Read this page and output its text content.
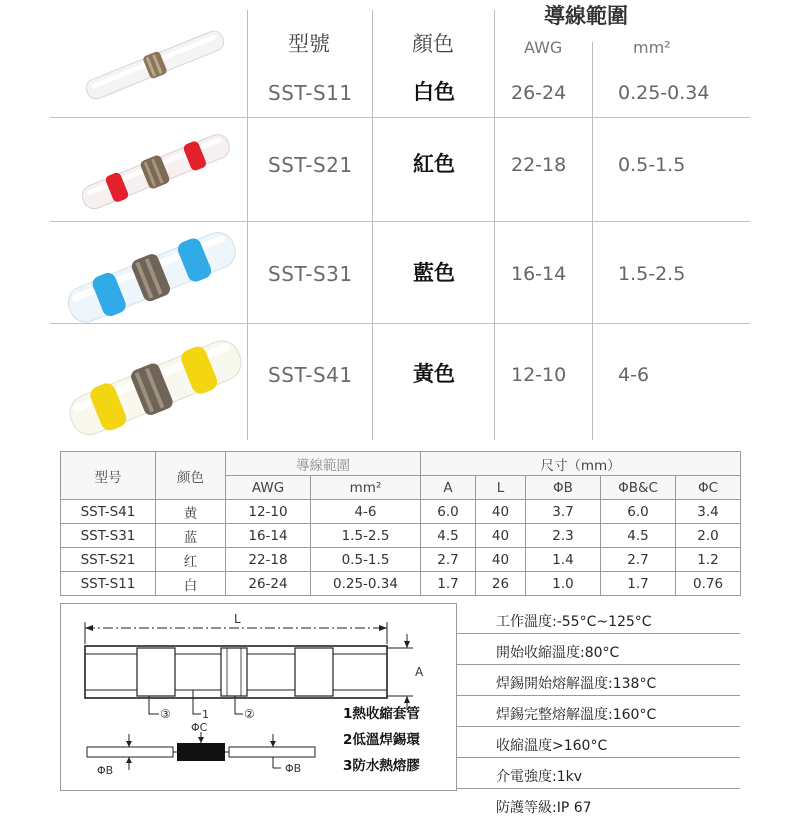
型號	顏色
導線範圍
AWG	mm²
SST-S11	白色	26-24	0.25-0.34
SST-S21	紅色	22-18	0.5-1.5
SST-S31	藍色	16-14	1.5-2.5
SST-S41	黃色	12-10	4-6
型号	颜色	導線範圍		尺寸（mm）				
		AWG	mm²	A	L	ΦB	ΦB&C	ΦC
SST-S41	黄	12-10	4-6	6.0	40	3.7	6.0	3.4
SST-S31	蓝	16-14	1.5-2.5	4.5	40	2.3	4.5	2.0
SST-S21	红	22-18	0.5-1.5	2.7	40	1.4	2.7	1.2
SST-S11	白	26-24	0.25-0.34	1.7	26	1.0	1.7	0.76
L
A
③	1	②
ΦC
ΦB	ΦB
1熱收縮套管
2低溫焊錫環
3防水熱熔膠
工作溫度:-55°C~125°C
開始收縮溫度:80°C
焊錫開始熔解溫度:138°C
焊錫完整熔解溫度:160°C
收縮溫度>160°C
介電強度:1kv
防護等級:IP 67
